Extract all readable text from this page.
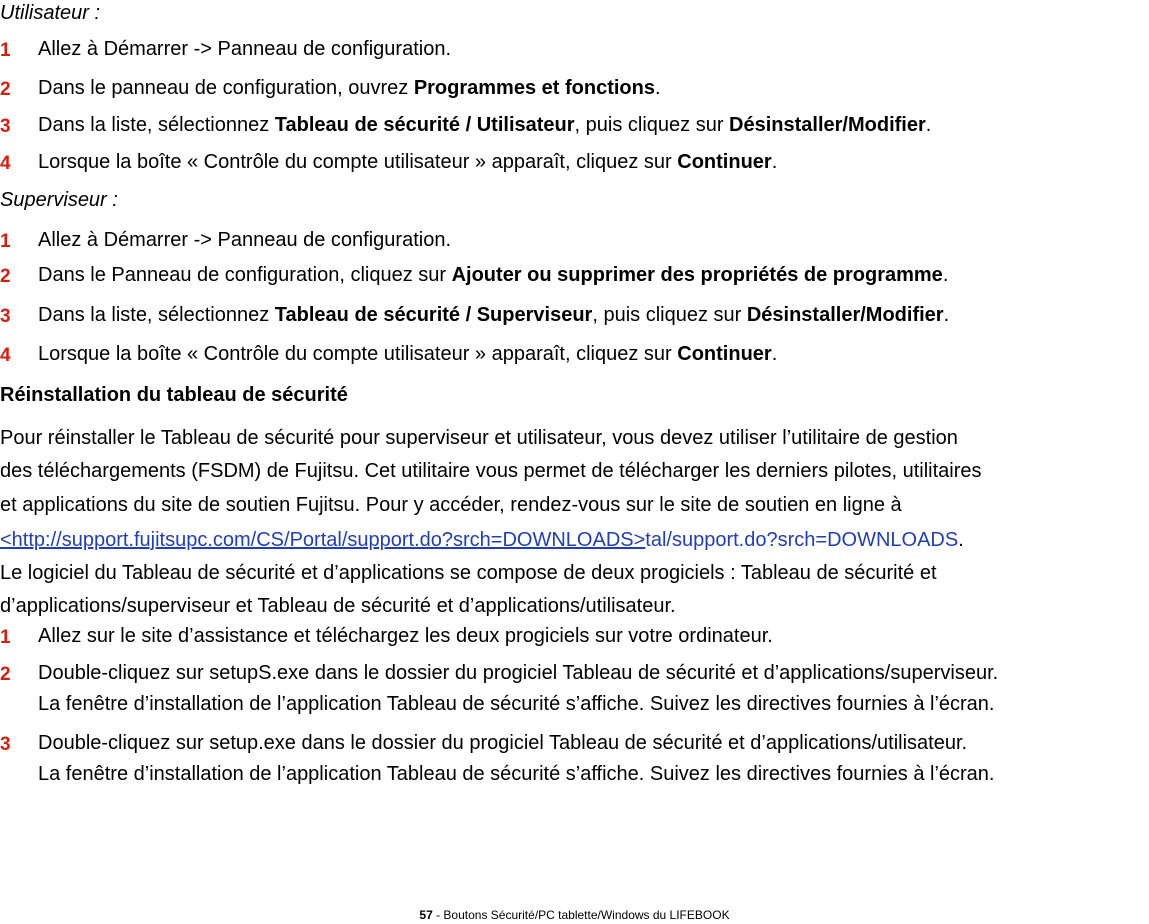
Utilisateur :
1 Allez à Démarrer -> Panneau de configuration.
2 Dans le panneau de configuration, ouvrez Programmes et fonctions.
3 Dans la liste, sélectionnez Tableau de sécurité / Utilisateur, puis cliquez sur Désinstaller/Modifier.
4 Lorsque la boîte « Contrôle du compte utilisateur » apparaît, cliquez sur Continuer.
Superviseur :
1 Allez à Démarrer -> Panneau de configuration.
2 Dans le Panneau de configuration, cliquez sur Ajouter ou supprimer des propriétés de programme.
3 Dans la liste, sélectionnez Tableau de sécurité / Superviseur, puis cliquez sur Désinstaller/Modifier.
4 Lorsque la boîte « Contrôle du compte utilisateur » apparaît, cliquez sur Continuer.
Réinstallation du tableau de sécurité
Pour réinstaller le Tableau de sécurité pour superviseur et utilisateur, vous devez utiliser l’utilitaire de gestion
des téléchargements (FSDM) de Fujitsu. Cet utilitaire vous permet de télécharger les derniers pilotes, utilitaires
et applications du site de soutien Fujitsu. Pour y accéder, rendez-vous sur le site de soutien en ligne à
<http://support.fujitsupc.com/CS/Portal/support.do?srch=DOWNLOADS>tal/support.do?srch=DOWNLOADS.
Le logiciel du Tableau de sécurité et d’applications se compose de deux progiciels : Tableau de sécurité et
d’applications/superviseur et Tableau de sécurité et d’applications/utilisateur.
1 Allez sur le site d’assistance et téléchargez les deux progiciels sur votre ordinateur.
2 Double-cliquez sur setupS.exe dans le dossier du progiciel Tableau de sécurité et d’applications/superviseur.
La fenêtre d’installation de l’application Tableau de sécurité s’affiche. Suivez les directives fournies à l’écran.
3 Double-cliquez sur setup.exe dans le dossier du progiciel Tableau de sécurité et d’applications/utilisateur.
La fenêtre d’installation de l’application Tableau de sécurité s’affiche. Suivez les directives fournies à l’écran.
57 - Boutons Sécurité/PC tablette/Windows du LIFEBOOK
